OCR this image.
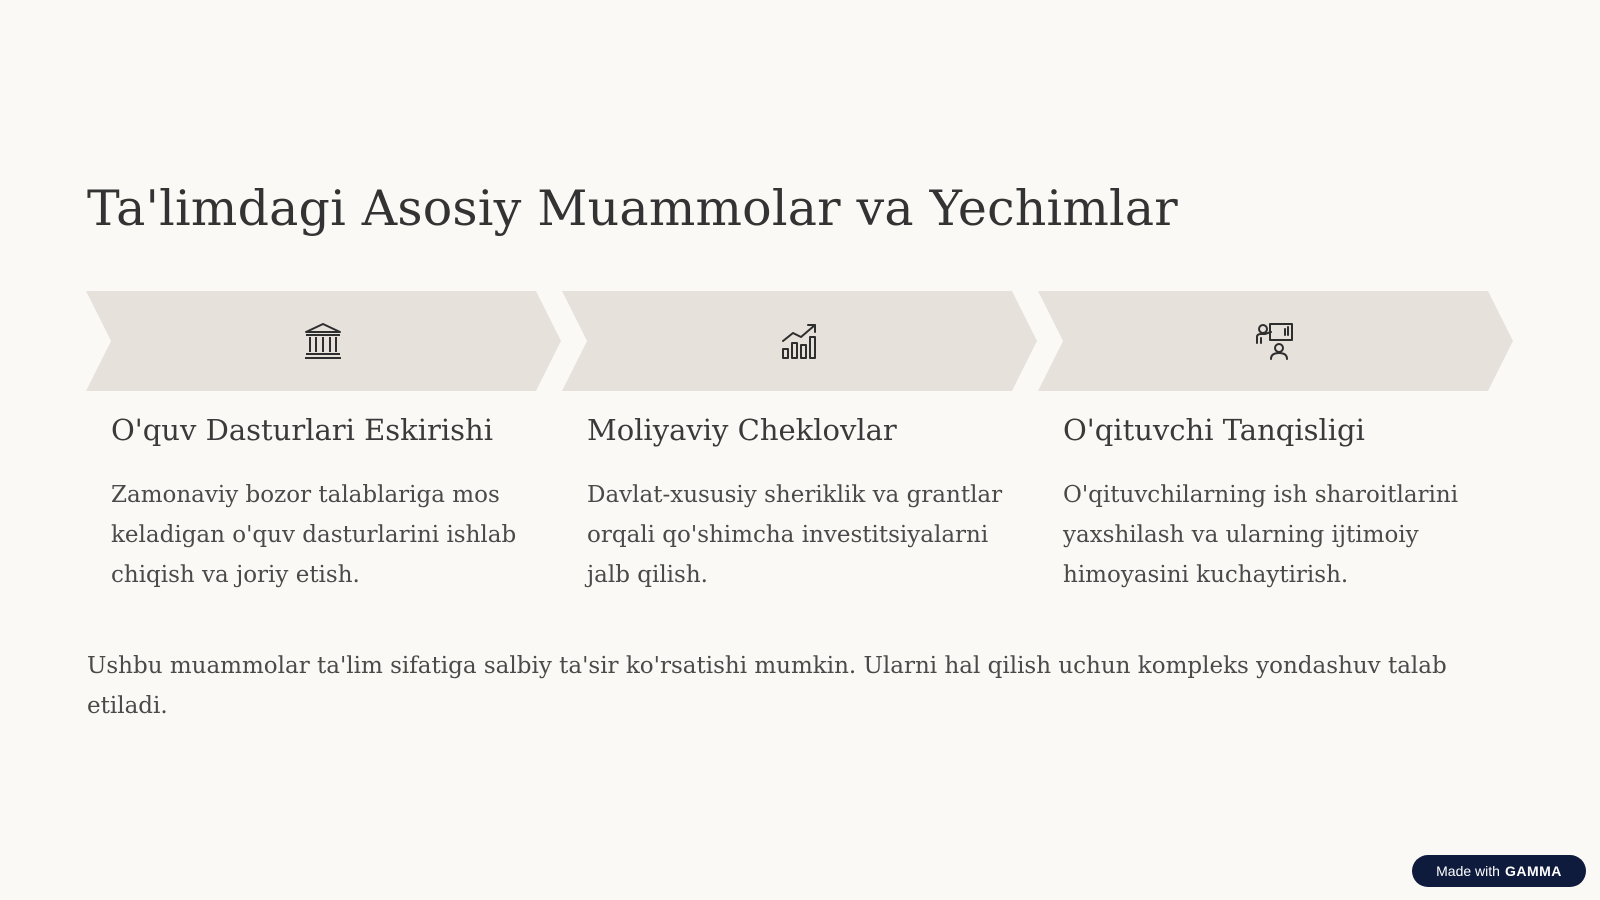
Ta'limdagi Asosiy Muammolar va Yechimlar
O'quv Dasturlari Eskirishi

Zamonaviy bozor talablariga mos keladigan o'quv dasturlarini ishlab chiqish va joriy etish.

Moliyaviy Cheklovlar

Davlat-xususiy sheriklik va grantlar orqali qo'shimcha investitsiyalarni jalb qilish.

O'qituvchi Tanqisligi

O'qituvchilarning ish sharoitlarini yaxshilash va ularning ijtimoiy himoyasini kuchaytirish.

Ushbu muammolar ta'lim sifatiga salbiy ta'sir ko'rsatishi mumkin. Ularni hal qilish uchun kompleks yondashuv talab etiladi.

Made with GAMMA
